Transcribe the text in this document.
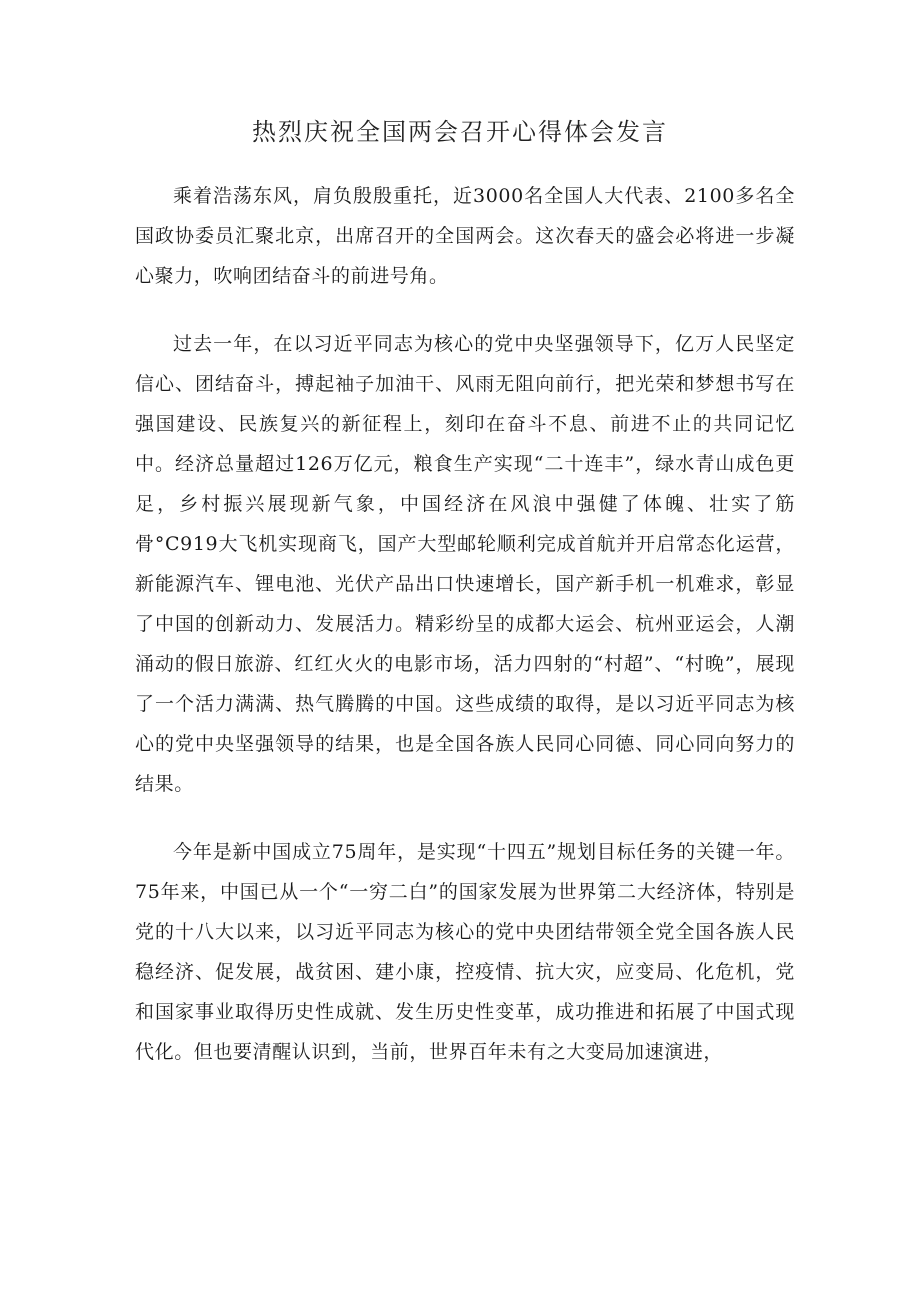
热烈庆祝全国两会召开心得体会发言

乘着浩荡东风，肩负殷殷重托，近3000名全国人大代表、2100多名全国政协委员汇聚北京，出席召开的全国两会。这次春天的盛会必将进一步凝心聚力，吹响团结奋斗的前进号角。

过去一年，在以习近平同志为核心的党中央坚强领导下，亿万人民坚定信心、团结奋斗，搏起袖子加油干、风雨无阻向前行，把光荣和梦想书写在强国建设、民族复兴的新征程上，刻印在奋斗不息、前进不止的共同记忆中。经济总量超过126万亿元，粮食生产实现“二十连丰”，绿水青山成色更足，乡村振兴展现新气象，中国经济在风浪中强健了体魄、壮实了筋骨°C919大飞机实现商飞，国产大型邮轮顺利完成首航并开启常态化运营，新能源汽车、锂电池、光伏产品出口快速增长，国产新手机一机难求，彰显了中国的创新动力、发展活力。精彩纷呈的成都大运会、杭州亚运会，人潮涌动的假日旅游、红红火火的电影市场，活力四射的“村超”、“村晚”，展现了一个活力满满、热气腾腾的中国。这些成绩的取得，是以习近平同志为核心的党中央坚强领导的结果，也是全国各族人民同心同德、同心同向努力的结果。

今年是新中国成立75周年，是实现“十四五”规划目标任务的关键一年。75年来，中国已从一个“一穷二白”的国家发展为世界第二大经济体，特别是党的十八大以来，以习近平同志为核心的党中央团结带领全党全国各族人民稳经济、促发展，战贫困、建小康，控疫情、抗大灾，应变局、化危机，党和国家事业取得历史性成就、发生历史性变革，成功推进和拓展了中国式现代化。但也要清醒认识到，当前，世界百年未有之大变局加速演进，
